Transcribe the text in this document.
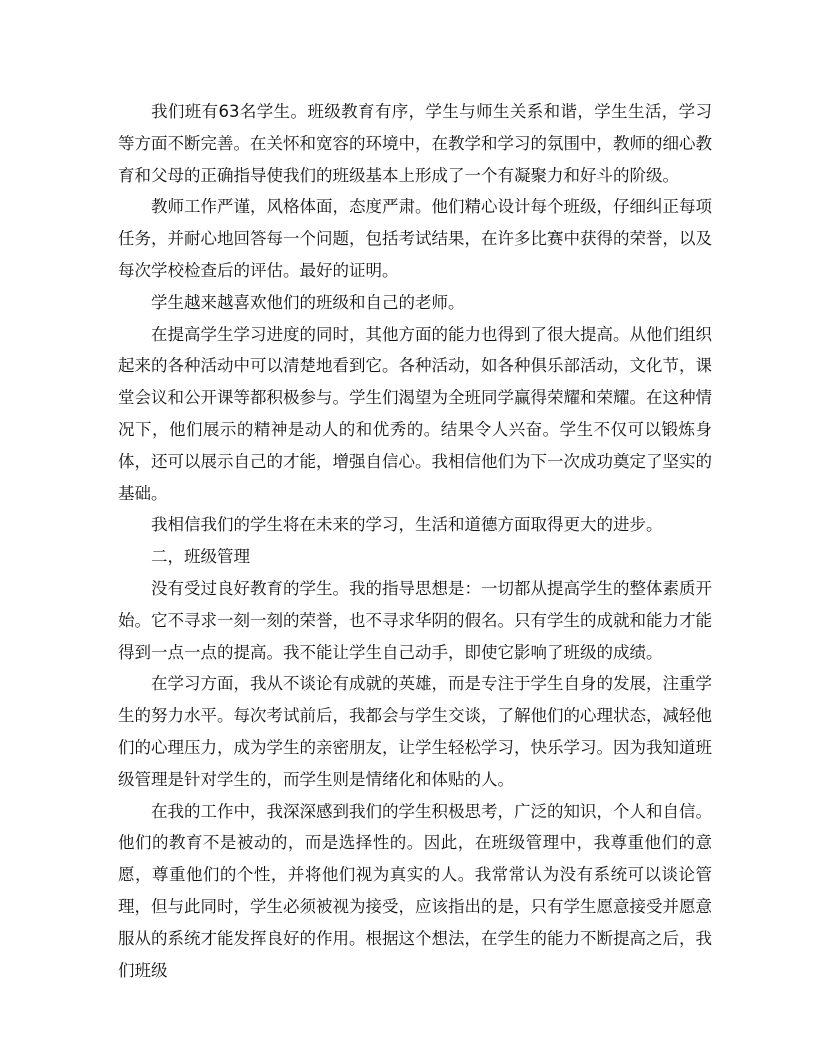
我们班有63名学生。班级教育有序，学生与师生关系和谐，学生生活，学习等方面不断完善。在关怀和宽容的环境中，在教学和学习的氛围中，教师的细心教育和父母的正确指导使我们的班级基本上形成了一个有凝聚力和好斗的阶级。

教师工作严谨，风格体面，态度严肃。他们精心设计每个班级，仔细纠正每项任务，并耐心地回答每一个问题，包括考试结果，在许多比赛中获得的荣誉，以及每次学校检查后的评估。最好的证明。

学生越来越喜欢他们的班级和自己的老师。

在提高学生学习进度的同时，其他方面的能力也得到了很大提高。从他们组织起来的各种活动中可以清楚地看到它。各种活动，如各种俱乐部活动，文化节，课堂会议和公开课等都积极参与。学生们渴望为全班同学赢得荣耀和荣耀。在这种情况下，他们展示的精神是动人的和优秀的。结果令人兴奋。学生不仅可以锻炼身体，还可以展示自己的才能，增强自信心。我相信他们为下一次成功奠定了坚实的基础。

我相信我们的学生将在未来的学习，生活和道德方面取得更大的进步。

二，班级管理

没有受过良好教育的学生。我的指导思想是：一切都从提高学生的整体素质开始。它不寻求一刻一刻的荣誉，也不寻求华阴的假名。只有学生的成就和能力才能得到一点一点的提高。我不能让学生自己动手，即使它影响了班级的成绩。

在学习方面，我从不谈论有成就的英雄，而是专注于学生自身的发展，注重学生的努力水平。每次考试前后，我都会与学生交谈，了解他们的心理状态，减轻他们的心理压力，成为学生的亲密朋友，让学生轻松学习，快乐学习。因为我知道班级管理是针对学生的，而学生则是情绪化和体贴的人。

在我的工作中，我深深感到我们的学生积极思考，广泛的知识，个人和自信。他们的教育不是被动的，而是选择性的。因此，在班级管理中，我尊重他们的意愿，尊重他们的个性，并将他们视为真实的人。我常常认为没有系统可以谈论管理，但与此同时，学生必须被视为接受，应该指出的是，只有学生愿意接受并愿意服从的系统才能发挥良好的作用。根据这个想法，在学生的能力不断提高之后，我们班级
